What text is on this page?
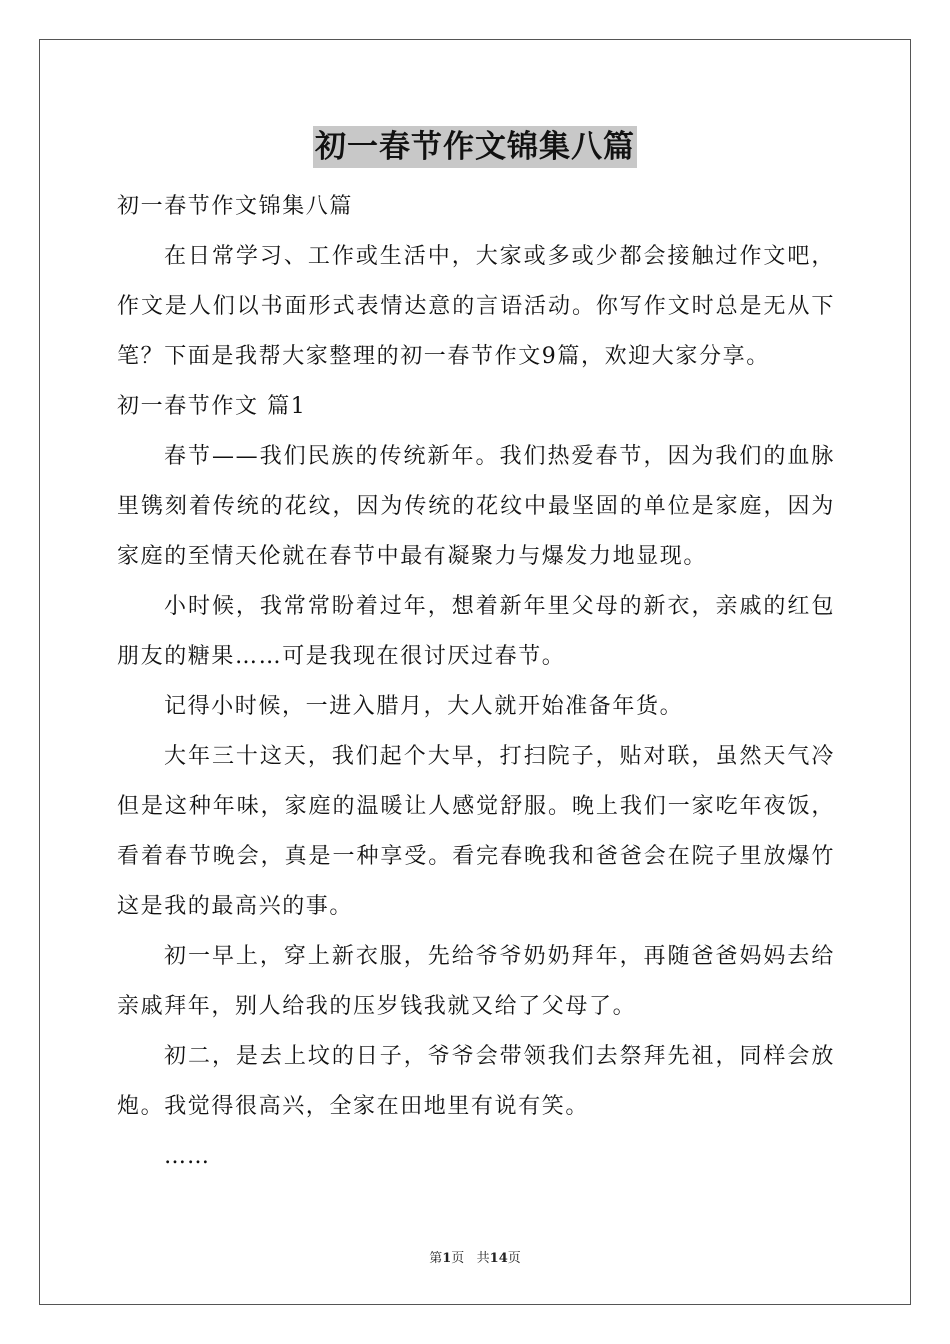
初一春节作文锦集八篇

初一春节作文锦集八篇

在日常学习、工作或生活中，大家或多或少都会接触过作文吧，作文是人们以书面形式表情达意的言语活动。你写作文时总是无从下笔？下面是我帮大家整理的初一春节作文9篇，欢迎大家分享。

初一春节作文 篇1

春节——我们民族的传统新年。我们热爱春节，因为我们的血脉里镌刻着传统的花纹，因为传统的花纹中最坚固的单位是家庭，因为家庭的至情天伦就在春节中最有凝聚力与爆发力地显现。

小时候，我常常盼着过年，想着新年里父母的新衣，亲戚的红包朋友的糖果……可是我现在很讨厌过春节。

记得小时候，一进入腊月，大人就开始准备年货。

大年三十这天，我们起个大早，打扫院子，贴对联，虽然天气冷但是这种年味，家庭的温暖让人感觉舒服。晚上我们一家吃年夜饭，看着春节晚会，真是一种享受。看完春晚我和爸爸会在院子里放爆竹这是我的最高兴的事。

初一早上，穿上新衣服，先给爷爷奶奶拜年，再随爸爸妈妈去给亲戚拜年，别人给我的压岁钱我就又给了父母了。

初二，是去上坟的日子，爷爷会带领我们去祭拜先祖，同样会放炮。我觉得很高兴，全家在田地里有说有笑。

……

第1页   共14页
